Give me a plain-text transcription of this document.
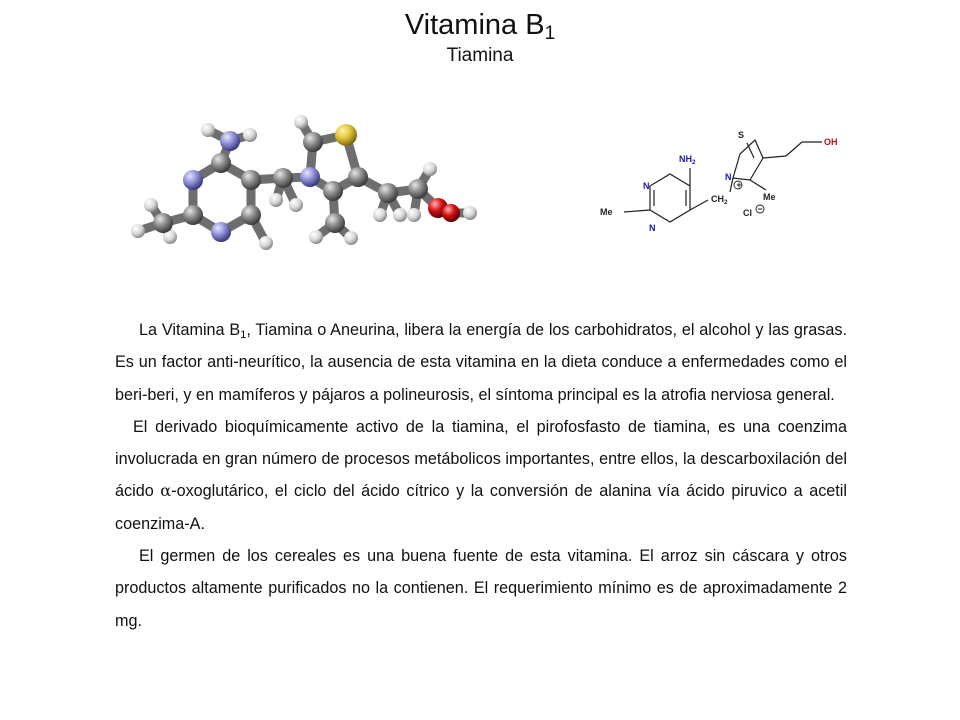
Vitamina $B_1$
Tiamina
+
−
S
$NH_2$
N
N
N
$CH_2$
OH
Me
Me
Cl

La Vitamina $B_1$, Tiamina o Aneurina, libera la energía de los carbohidratos, el alcohol y las grasas. Es un factor anti-neurítico, la ausencia de esta vitamina en la dieta conduce a enfermedades como el beri-beri, y en mamíferos y pájaros a polineurosis, el síntoma principal es la atrofia nerviosa general.

El derivado bioquímicamente activo de la tiamina, el pirofosfasto de tiamina, es una coenzima involucrada en gran número de procesos metábolicos importantes, entre ellos, la descarboxilación del ácido α-oxoglutárico, el ciclo del ácido cítrico y la conversión de alanina vía ácido piruvico a acetil coenzima-A.

El germen de los cereales es una buena fuente de esta vitamina. El arroz sin cáscara y otros productos altamente purificados no la contienen. El requerimiento mínimo es de aproximadamente 2 mg.
